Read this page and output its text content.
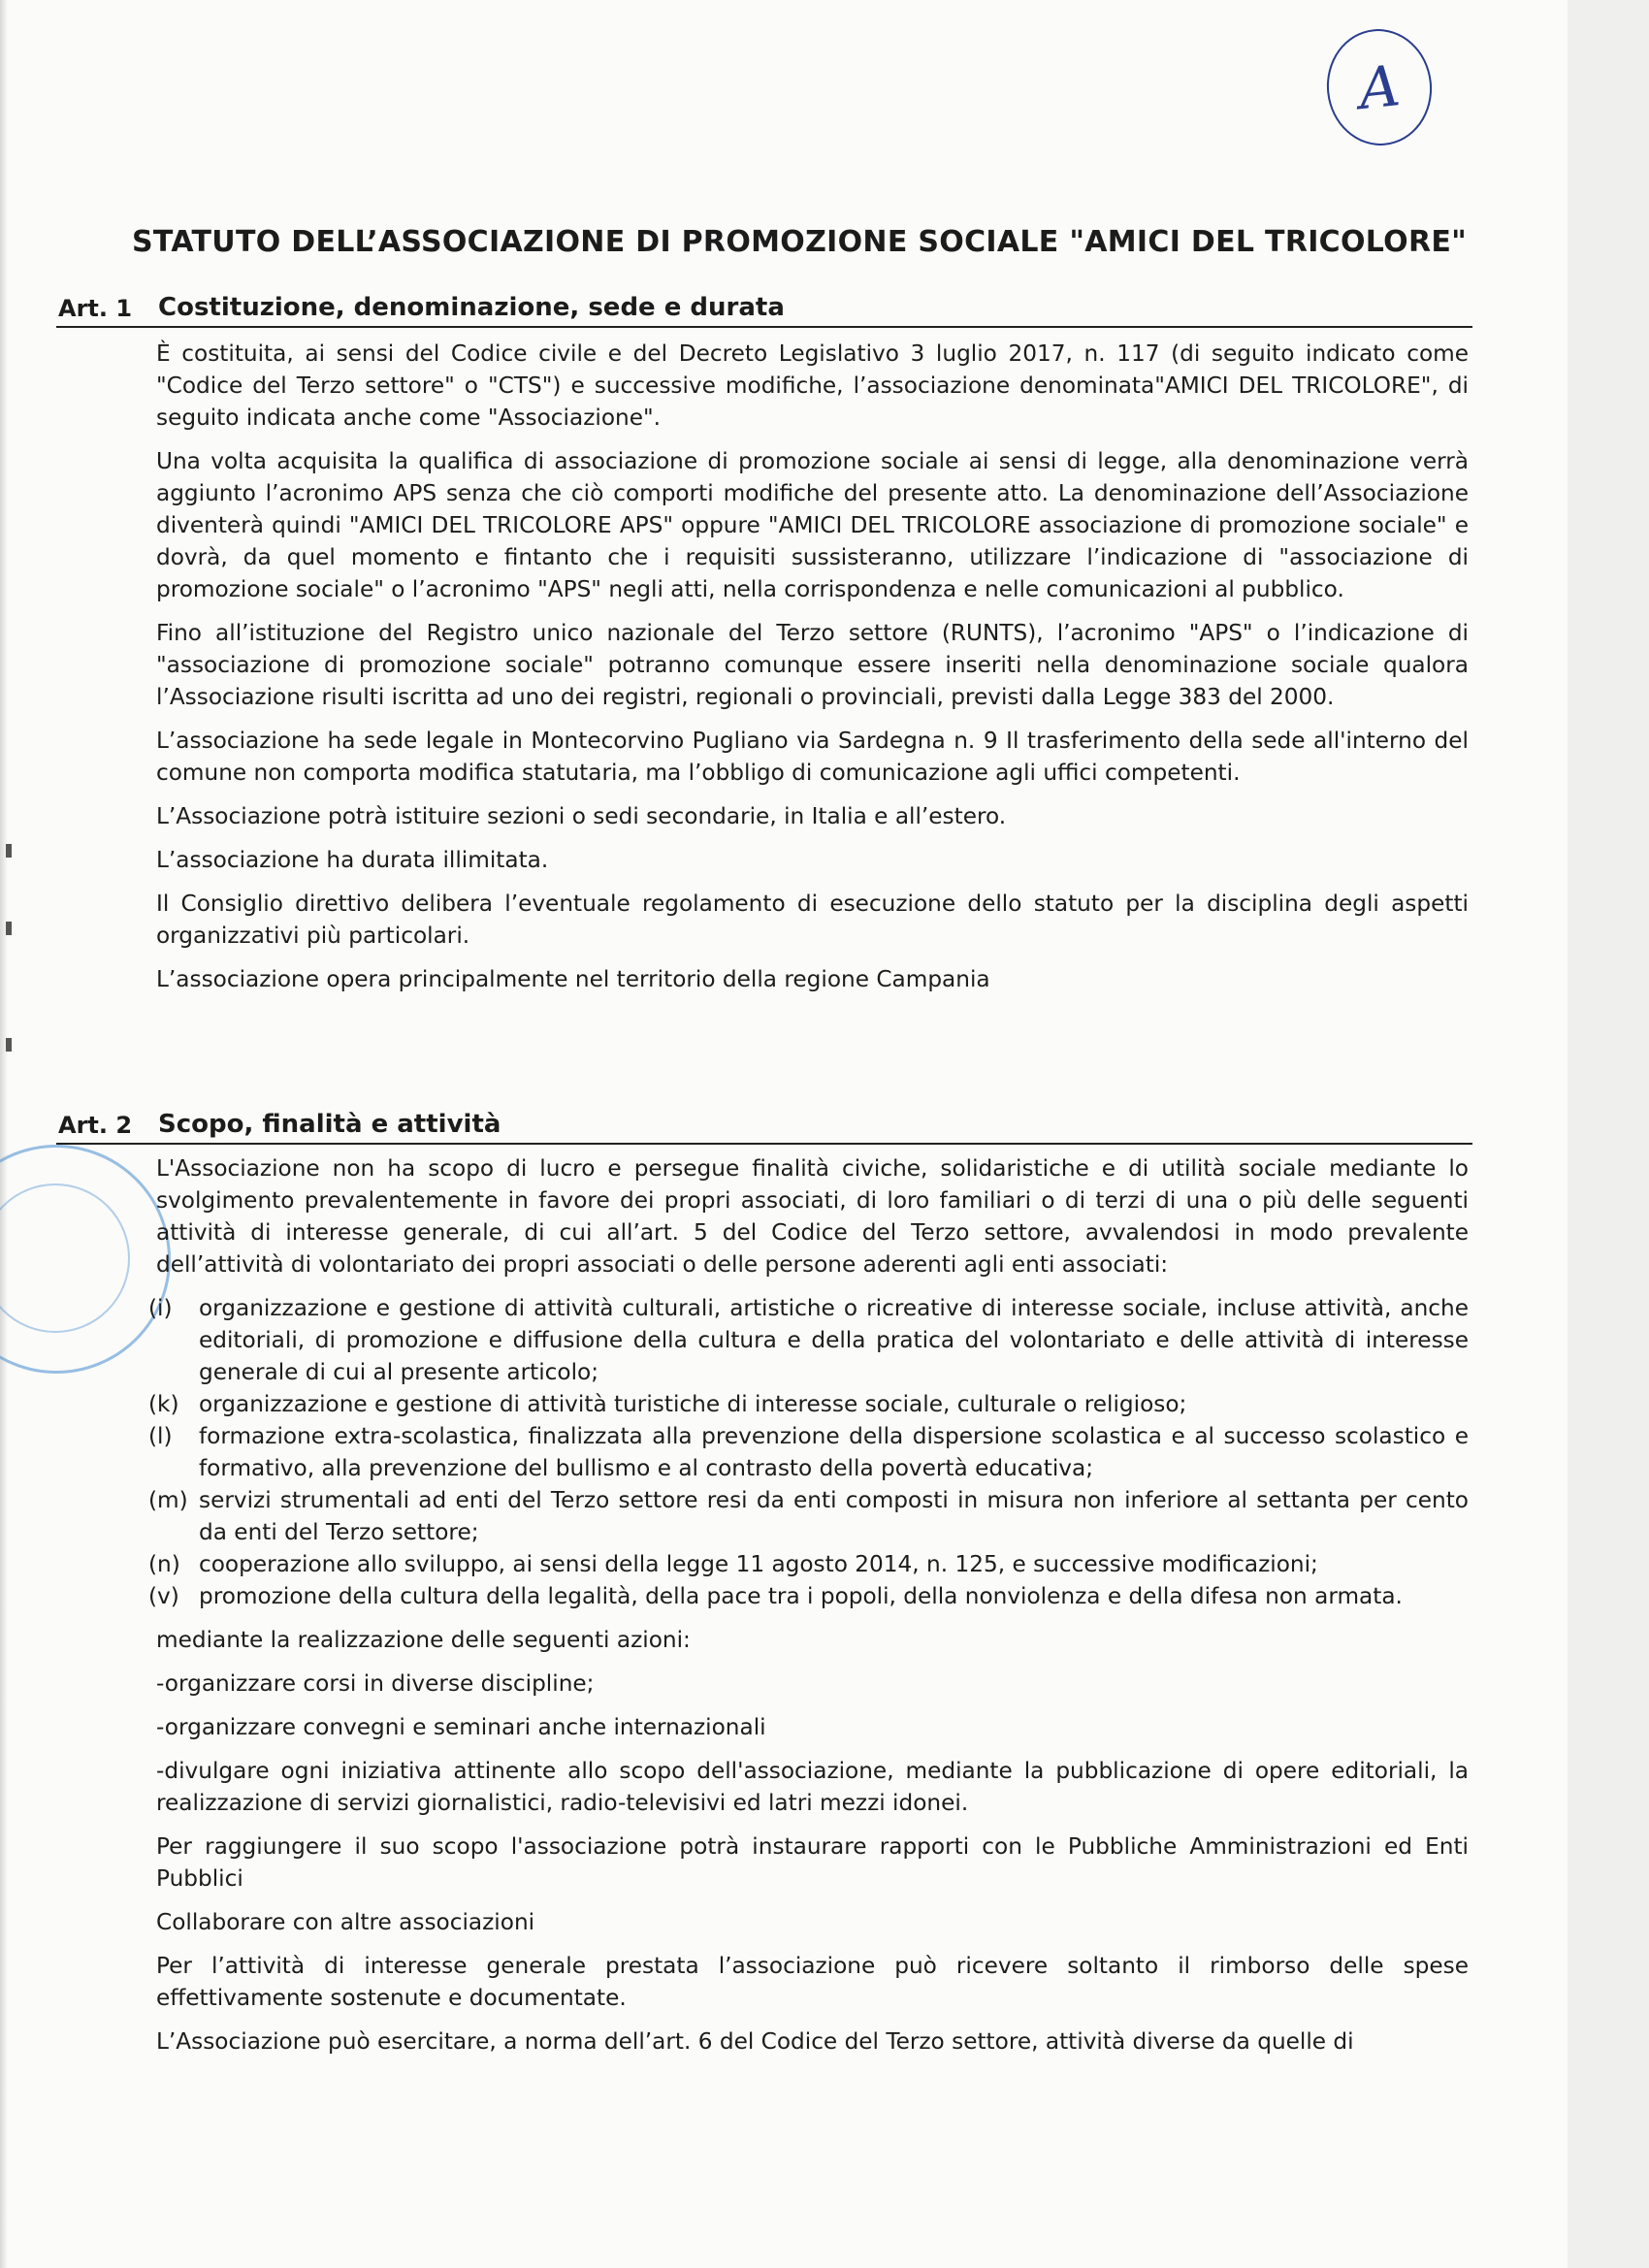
A
STATUTO DELL’ASSOCIAZIONE DI PROMOZIONE SOCIALE "AMICI DEL TRICOLORE"
Art. 1	Costituzione, denominazione, sede e durata

È costituita, ai sensi del Codice civile e del Decreto Legislativo 3 luglio 2017, n. 117 (di seguito indicato come "Codice del Terzo settore" o "CTS") e successive modifiche, l’associazione denominata"AMICI DEL TRICOLORE", di seguito indicata anche come "Associazione".

Una volta acquisita la qualifica di associazione di promozione sociale ai sensi di legge, alla denominazione verrà aggiunto l’acronimo APS senza che ciò comporti modifiche del presente atto. La denominazione dell’Associazione diventerà quindi "AMICI DEL TRICOLORE APS" oppure "AMICI DEL TRICOLORE associazione di promozione sociale" e dovrà, da quel momento e fintanto che i requisiti sussisteranno, utilizzare l’indicazione di "associazione di promozione sociale" o l’acronimo "APS" negli atti, nella corrispondenza e nelle comunicazioni al pubblico.

Fino all’istituzione del Registro unico nazionale del Terzo settore (RUNTS), l’acronimo "APS" o l’indicazione di "associazione di promozione sociale" potranno comunque essere inseriti nella denominazione sociale qualora l’Associazione risulti iscritta ad uno dei registri, regionali o provinciali, previsti dalla Legge 383 del 2000.

L’associazione ha sede legale in Montecorvino Pugliano via Sardegna n. 9 Il trasferimento della sede all'interno del comune non comporta modifica statutaria, ma l’obbligo di comunicazione agli uffici competenti.

L’Associazione potrà istituire sezioni o sedi secondarie, in Italia e all’estero.

L’associazione ha durata illimitata.

Il Consiglio direttivo delibera l’eventuale regolamento di esecuzione dello statuto per la disciplina degli aspetti organizzativi più particolari.

L’associazione opera principalmente nel territorio della regione Campania

Art. 2	Scopo, finalità e attività

L'Associazione non ha scopo di lucro e persegue finalità civiche, solidaristiche e di utilità sociale mediante lo svolgimento prevalentemente in favore dei propri associati, di loro familiari o di terzi di una o più delle seguenti attività di interesse generale, di cui all’art. 5 del Codice del Terzo settore, avvalendosi in modo prevalente dell’attività di volontariato dei propri associati o delle persone aderenti agli enti associati:

(i)	organizzazione e gestione di attività culturali, artistiche o ricreative di interesse sociale, incluse attività, anche editoriali, di promozione e diffusione della cultura e della pratica del volontariato e delle attività di interesse generale di cui al presente articolo;
(k) organizzazione e gestione di attività turistiche di interesse sociale, culturale o religioso;
(l)	formazione extra-scolastica, finalizzata alla prevenzione della dispersione scolastica e al successo scolastico e formativo, alla prevenzione del bullismo e al contrasto della povertà educativa;
(m) servizi strumentali ad enti del Terzo settore resi da enti composti in misura non inferiore al settanta per cento da enti del Terzo settore;
(n) cooperazione allo sviluppo, ai sensi della legge 11 agosto 2014, n. 125, e successive modificazioni;
(v) promozione della cultura della legalità, della pace tra i popoli, della nonviolenza e della difesa non armata.

mediante la realizzazione delle seguenti azioni:

-organizzare corsi in diverse discipline;

-organizzare convegni e seminari anche internazionali

-divulgare ogni iniziativa attinente allo scopo dell'associazione, mediante la pubblicazione di opere editoriali, la realizzazione di servizi giornalistici, radio-televisivi ed latri mezzi idonei.

Per raggiungere il suo scopo l'associazione potrà instaurare rapporti con le Pubbliche Amministrazioni ed Enti Pubblici

Collaborare con altre associazioni

Per l’attività di interesse generale prestata l’associazione può ricevere soltanto il rimborso delle spese effettivamente sostenute e documentate.

L’Associazione può esercitare, a norma dell’art. 6 del Codice del Terzo settore, attività diverse da quelle di
